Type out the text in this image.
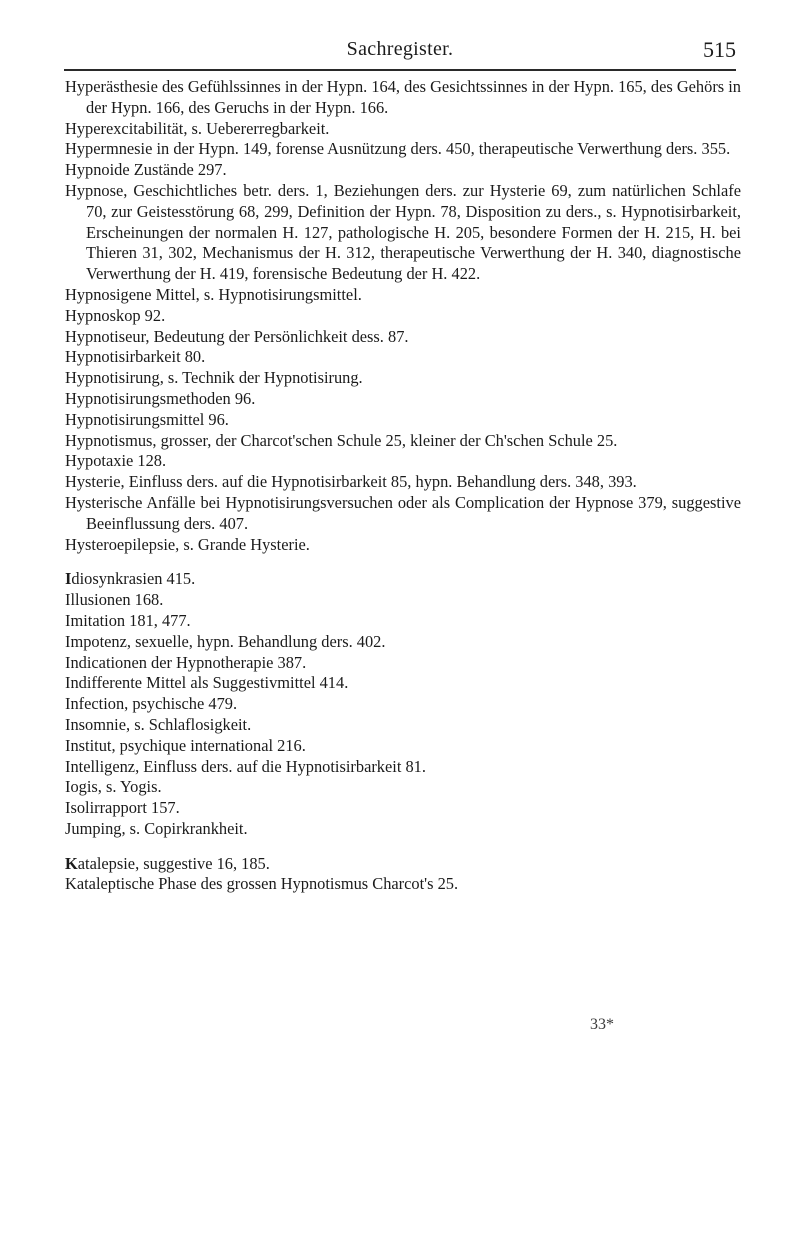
Sachregister.	515
Hyperästhesie des Gefühlssinnes in der Hypn. 164, des Gesichtssinnes in der Hypn. 165, des Gehörs in der Hypn. 166, des Geruchs in der Hypn. 166.
Hyperexcitabilität, s. Uebererregbarkeit.
Hypermnesie in der Hypn. 149, forense Ausnützung ders. 450, therapeutische Verwerthung ders. 355.
Hypnoide Zustände 297.
Hypnose, Geschichtliches betr. ders. 1, Beziehungen ders. zur Hysterie 69, zum natürlichen Schlafe 70, zur Geistesstörung 68, 299, Definition der Hypn. 78, Disposition zu ders., s. Hypnotisirbarkeit, Erscheinungen der normalen H. 127, pathologische H. 205, besondere Formen der H. 215, H. bei Thieren 31, 302, Mechanismus der H. 312, therapeutische Verwerthung der H. 340, diagnostische Verwerthung der H. 419, forensische Bedeutung der H. 422.
Hypnosigene Mittel, s. Hypnotisirungsmittel.
Hypnoskop 92.
Hypnotiseur, Bedeutung der Persönlichkeit dess. 87.
Hypnotisirbarkeit 80.
Hypnotisirung, s. Technik der Hypnotisirung.
Hypnotisirungsmethoden 96.
Hypnotisirungsmittel 96.
Hypnotismus, grosser, der Charcot'schen Schule 25, kleiner der Ch'schen Schule 25.
Hypotaxie 128.
Hysterie, Einfluss ders. auf die Hypnotisirbarkeit 85, hypn. Behandlung ders. 348, 393.
Hysterische Anfälle bei Hypnotisirungsversuchen oder als Complication der Hypnose 379, suggestive Beeinflussung ders. 407.
Hysteroepilepsie, s. Grande Hysterie.
Idiosynkrasien 415.
Illusionen 168.
Imitation 181, 477.
Impotenz, sexuelle, hypn. Behandlung ders. 402.
Indicationen der Hypnotherapie 387.
Indifferente Mittel als Suggestivmittel 414.
Infection, psychische 479.
Insomnie, s. Schlaflosigkeit.
Institut, psychique international 216.
Intelligenz, Einfluss ders. auf die Hypnotisirbarkeit 81.
Iogis, s. Yogis.
Isolirrapport 157.
Jumping, s. Copirkrankheit.
Katalepsie, suggestive 16, 185.
Kataleptische Phase des grossen Hypnotismus Charcot's 25.
33*
